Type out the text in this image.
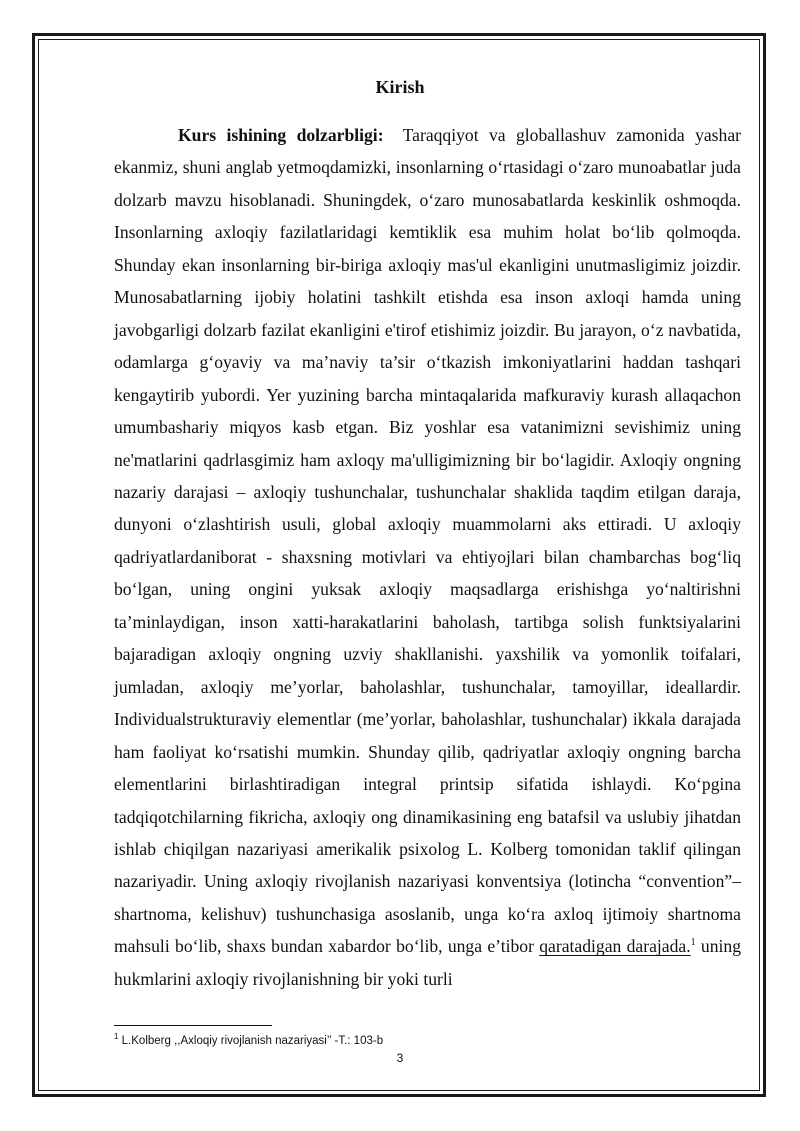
Kirish

Kurs ishining dolzarbligi: Taraqqiyot va globallashuv zamonida yashar ekanmiz, shuni anglab yetmoqdamizki, insonlarning o‘rtasidagi o‘zaro munoabatlar juda dolzarb mavzu hisoblanadi. Shuningdek, o‘zaro munosabatlarda keskinlik oshmoqda. Insonlarning axloqiy fazilatlaridagi kemtiklik esa muhim holat bo‘lib qolmoqda. Shunday ekan insonlarning bir-biriga axloqiy mas'ul ekanligini unutmasligimiz joizdir. Munosabatlarning ijobiy holatini tashkilt etishda esa inson axloqi hamda uning javobgarligi dolzarb fazilat ekanligini e'tirof etishimiz joizdir. Bu jarayon, o‘z navbatida, odamlarga g‘oyaviy va ma’naviy ta’sir o‘tkazish imkoniyatlarini haddan tashqari kengaytirib yubordi. Yer yuzining barcha mintaqalarida mafkuraviy kurash allaqachon umumbashariy miqyos kasb etgan. Biz yoshlar esa vatanimizni sevishimiz uning ne'matlarini qadrlasgimiz ham axloqy ma'ulligimizning bir bo‘lagidir. Axloqiy ongning nazariy darajasi – axloqiy tushunchalar, tushunchalar shaklida taqdim etilgan daraja, dunyoni o‘zlashtirish usuli, global axloqiy muammolarni aks ettiradi. U axloqiy qadriyatlardaniborat - shaxsning motivlari va ehtiyojlari bilan chambarchas bog‘liq bo‘lgan, uning ongini yuksak axloqiy maqsadlarga erishishga yo‘naltirishni ta’minlaydigan, inson xatti-harakatlarini baholash, tartibga solish funktsiyalarini bajaradigan axloqiy ongning uzviy shakllanishi. yaxshilik va yomonlik toifalari, jumladan, axloqiy me’yorlar, baholashlar, tushunchalar, tamoyillar, ideallardir. Individualstrukturaviy elementlar (me’yorlar, baholashlar, tushunchalar) ikkala darajada ham faoliyat ko‘rsatishi mumkin. Shunday qilib, qadriyatlar axloqiy ongning barcha elementlarini birlashtiradigan integral printsip sifatida ishlaydi. Ko‘pgina tadqiqotchilarning fikricha, axloqiy ong dinamikasining eng batafsil va uslubiy jihatdan ishlab chiqilgan nazariyasi amerikalik psixolog L. Kolberg tomonidan taklif qilingan nazariyadir. Uning axloqiy rivojlanish nazariyasi konventsiya (lotincha “convention”–shartnoma, kelishuv) tushunchasiga asoslanib, unga ko‘ra axloq ijtimoiy shartnoma mahsuli bo‘lib, shaxs bundan xabardor bo‘lib, unga e’tibor qaratadigan darajada.$^1$ uning hukmlarini axloqiy rivojlanishning bir yoki turli

$^1$ L.Kolberg ,,Axloqiy rivojlanish nazariyasi’’ -T.: 103-b
3
